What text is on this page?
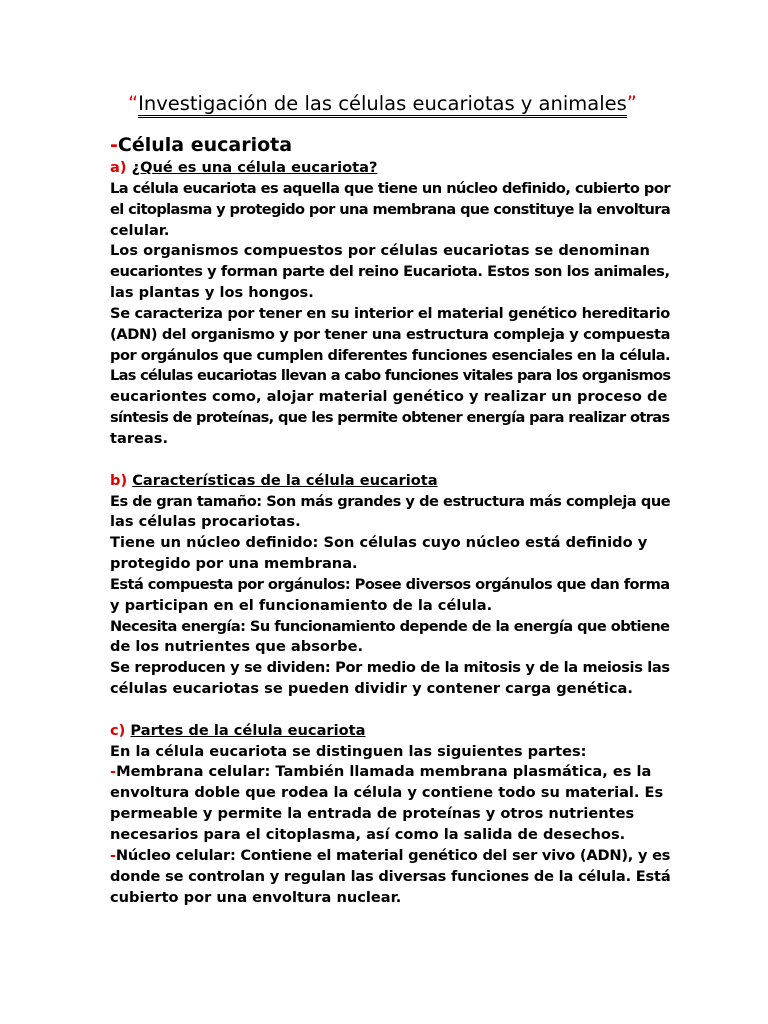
“Investigación de las células eucariotas y animales”
-Célula eucariota
a) ¿Qué es una célula eucariota?
La célula eucariota es aquella que tiene un núcleo definido, cubierto por
el citoplasma y protegido por una membrana que constituye la envoltura
celular.
Los organismos compuestos por células eucariotas se denominan
eucariontes y forman parte del reino Eucariota. Estos son los animales,
las plantas y los hongos.
Se caracteriza por tener en su interior el material genético hereditario
(ADN) del organismo y por tener una estructura compleja y compuesta
por orgánulos que cumplen diferentes funciones esenciales en la célula.
Las células eucariotas llevan a cabo funciones vitales para los organismos
eucariontes como, alojar material genético y realizar un proceso de
síntesis de proteínas, que les permite obtener energía para realizar otras
tareas.
b) Características de la célula eucariota
Es de gran tamaño: Son más grandes y de estructura más compleja que
las células procariotas.
Tiene un núcleo definido: Son células cuyo núcleo está definido y
protegido por una membrana.
Está compuesta por orgánulos: Posee diversos orgánulos que dan forma
y participan en el funcionamiento de la célula.
Necesita energía: Su funcionamiento depende de la energía que obtiene
de los nutrientes que absorbe.
Se reproducen y se dividen: Por medio de la mitosis y de la meiosis las
células eucariotas se pueden dividir y contener carga genética.
c) Partes de la célula eucariota
En la célula eucariota se distinguen las siguientes partes:
-Membrana celular: También llamada membrana plasmática, es la
envoltura doble que rodea la célula y contiene todo su material. Es
permeable y permite la entrada de proteínas y otros nutrientes
necesarios para el citoplasma, así como la salida de desechos.
-Núcleo celular: Contiene el material genético del ser vivo (ADN), y es
donde se controlan y regulan las diversas funciones de la célula. Está
cubierto por una envoltura nuclear.
